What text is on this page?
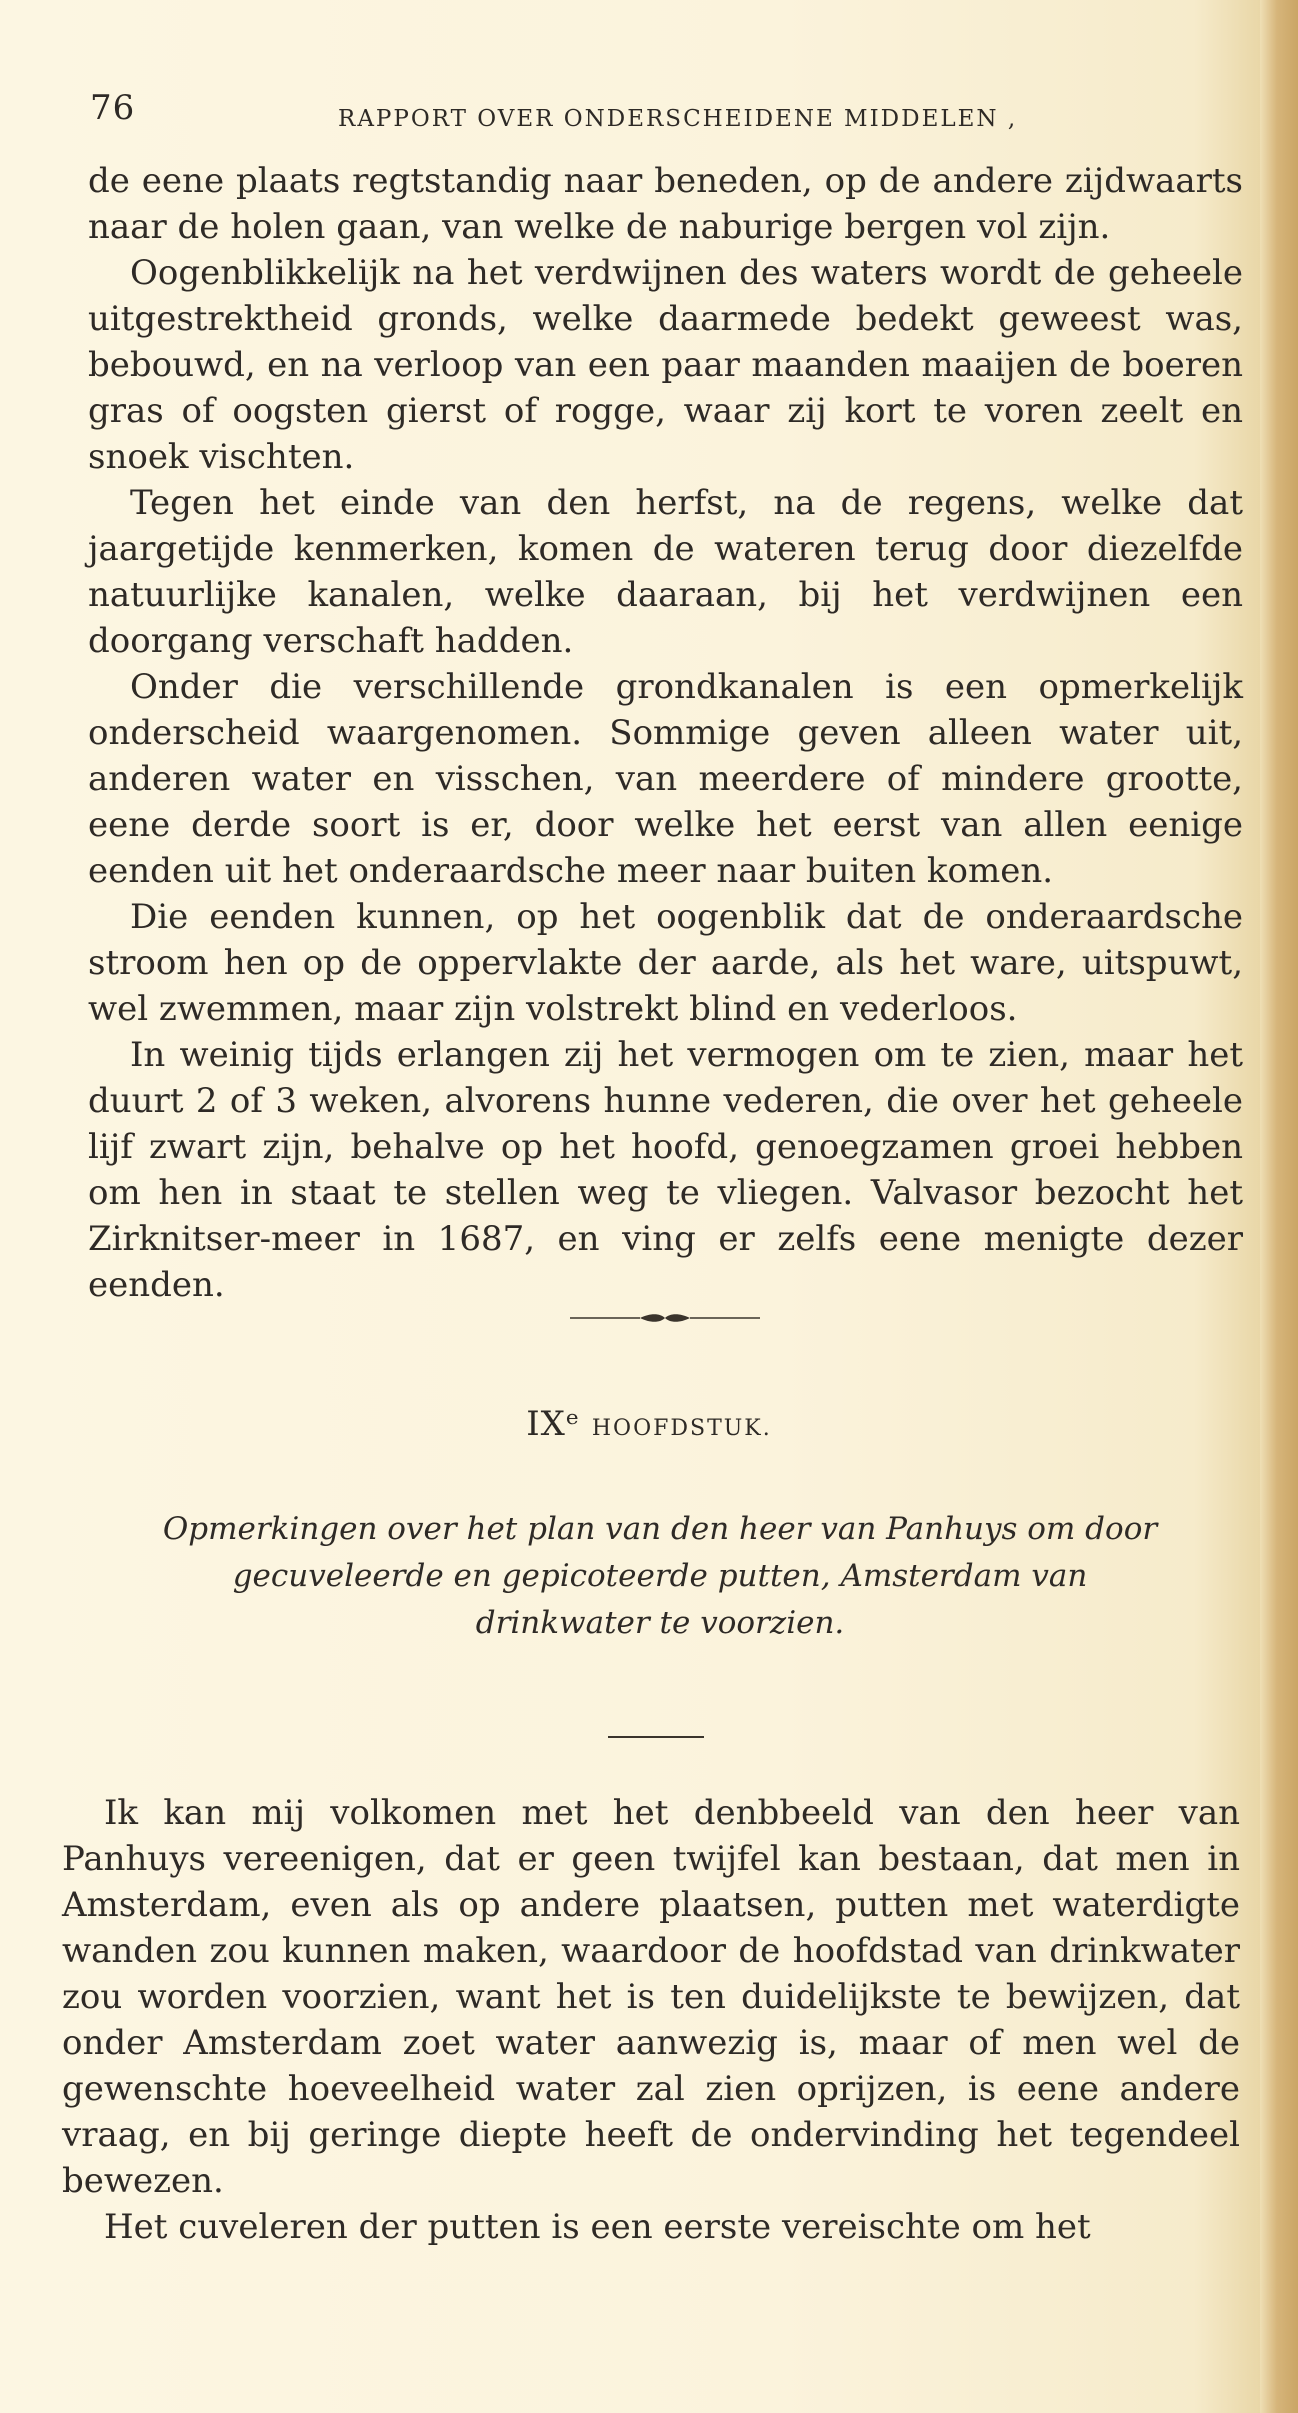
76	RAPPORT OVER ONDERSCHEIDENE MIDDELEN ,

de eene plaats regtstandig naar beneden, op de andere zijdwaarts naar de holen gaan, van welke de naburige bergen vol zijn.

Oogenblikkelijk na het verdwijnen des waters wordt de geheele uitgestrektheid gronds, welke daarmede bedekt geweest was, bebouwd, en na verloop van een paar maanden maaijen de boeren gras of oogsten gierst of rogge, waar zij kort te voren zeelt en snoek vischten.

Tegen het einde van den herfst, na de regens, welke dat jaargetijde kenmerken, komen de wateren terug door diezelfde natuurlijke kanalen, welke daaraan, bij het verdwijnen een doorgang verschaft hadden.

Onder die verschillende grondkanalen is een opmerkelijk onderscheid waargenomen. Sommige geven alleen water uit, anderen water en visschen, van meerdere of mindere grootte, eene derde soort is er, door welke het eerst van allen eenige eenden uit het onderaardsche meer naar buiten komen.

Die eenden kunnen, op het oogenblik dat de onderaardsche stroom hen op de oppervlakte der aarde, als het ware, uitspuwt, wel zwemmen, maar zijn volstrekt blind en vederloos.

In weinig tijds erlangen zij het vermogen om te zien, maar het duurt 2 of 3 weken, alvorens hunne vederen, die over het geheele lijf zwart zijn, behalve op het hoofd, genoegzamen groei hebben om hen in staat te stellen weg te vliegen. Valvasor bezocht het Zirknitser-meer in 1687, en ving er zelfs eene menigte dezer eenden.

IXᵉ HOOFDSTUK.
Opmerkingen over het plan van den heer van Panhuys om door
gecuveleerde en gepicoteerde putten, Amsterdam van
drinkwater te voorzien.

Ik kan mij volkomen met het denbbeeld van den heer van Panhuys vereenigen, dat er geen twijfel kan bestaan, dat men in Amsterdam, even als op andere plaatsen, putten met waterdigte wanden zou kunnen maken, waardoor de hoofdstad van drinkwater zou worden voorzien, want het is ten duidelijkste te bewijzen, dat onder Amsterdam zoet water aanwezig is, maar of men wel de gewenschte hoeveelheid water zal zien oprijzen, is eene andere vraag, en bij geringe diepte heeft de ondervinding het tegendeel bewezen.

Het cuveleren der putten is een eerste vereischte om het
